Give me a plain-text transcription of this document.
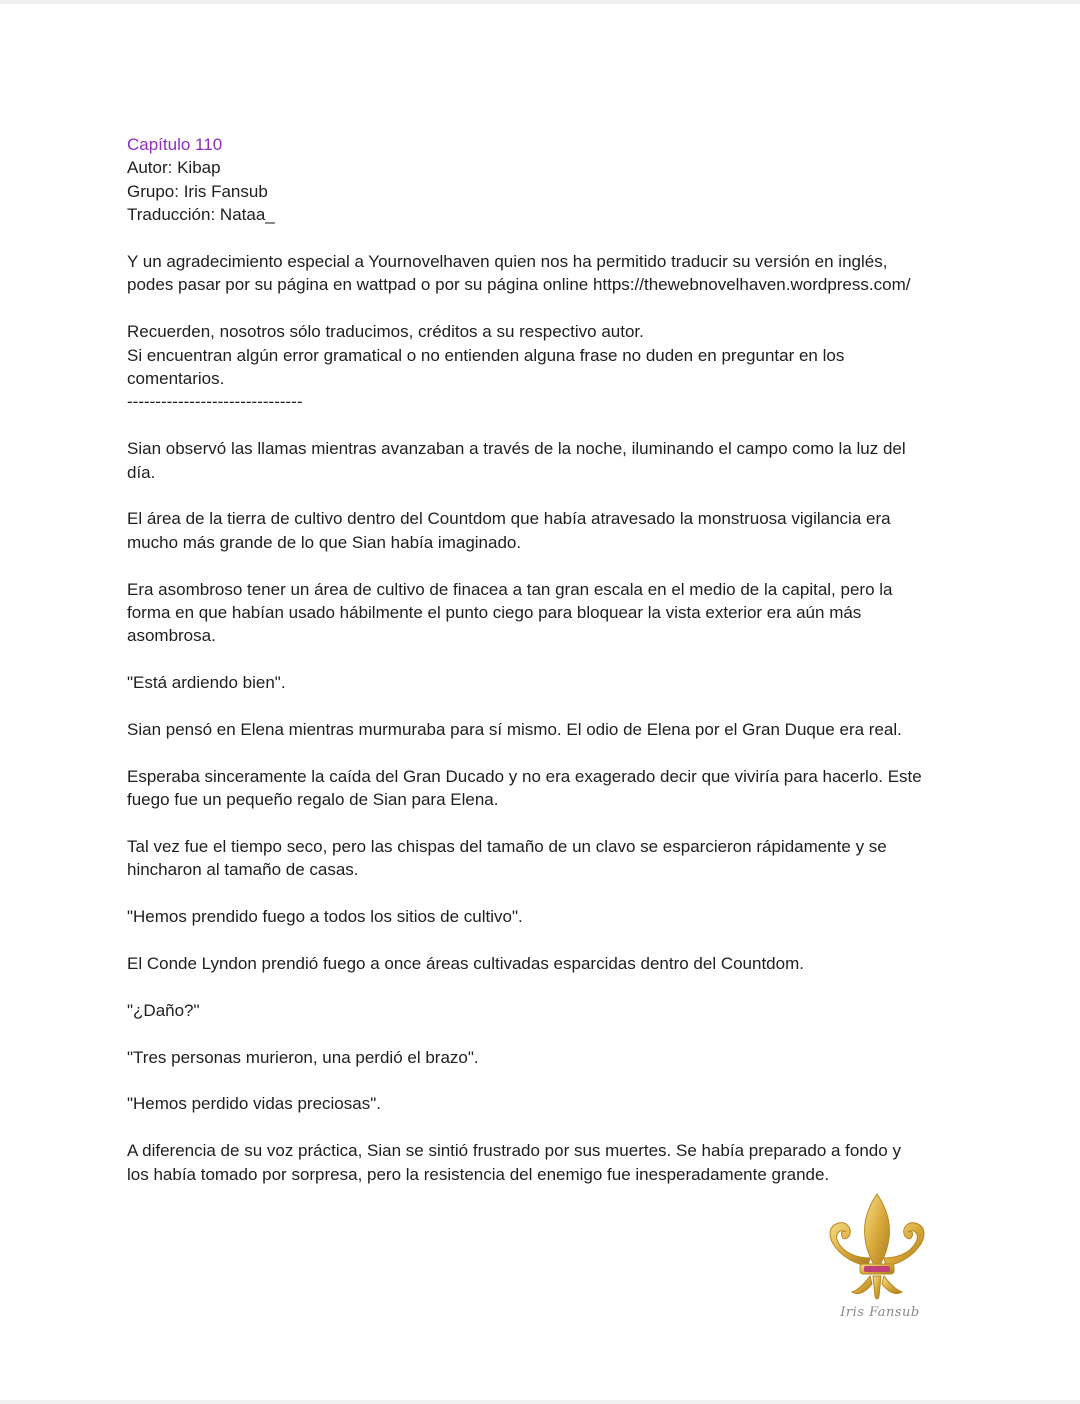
Capítulo 110
Autor: Kibap
Grupo: Iris Fansub
Traducción: Nataa_
Y un agradecimiento especial a Yournovelhaven quien nos ha permitido traducir su versión en inglés,
podes pasar por su página en wattpad o por su página online https://thewebnovelhaven.wordpress.com/
Recuerden, nosotros sólo traducimos, créditos a su respectivo autor.
Si encuentran algún error gramatical o no entienden alguna frase no duden en preguntar en los
comentarios.
-------------------------------
Sian observó las llamas mientras avanzaban a través de la noche, iluminando el campo como la luz del
día.
El área de la tierra de cultivo dentro del Countdom que había atravesado la monstruosa vigilancia era
mucho más grande de lo que Sian había imaginado.
Era asombroso tener un área de cultivo de finacea a tan gran escala en el medio de la capital, pero la
forma en que habían usado hábilmente el punto ciego para bloquear la vista exterior era aún más
asombrosa.
"Está ardiendo bien".
Sian pensó en Elena mientras murmuraba para sí mismo. El odio de Elena por el Gran Duque era real.
Esperaba sinceramente la caída del Gran Ducado y no era exagerado decir que viviría para hacerlo. Este
fuego fue un pequeño regalo de Sian para Elena.
Tal vez fue el tiempo seco, pero las chispas del tamaño de un clavo se esparcieron rápidamente y se
hincharon al tamaño de casas.
"Hemos prendido fuego a todos los sitios de cultivo".
El Conde Lyndon prendió fuego a once áreas cultivadas esparcidas dentro del Countdom.
"¿Daño?"
"Tres personas murieron, una perdió el brazo".
"Hemos perdido vidas preciosas".
A diferencia de su voz práctica, Sian se sintió frustrado por sus muertes. Se había preparado a fondo y
los había tomado por sorpresa, pero la resistencia del enemigo fue inesperadamente grande.
Iris Fansub
